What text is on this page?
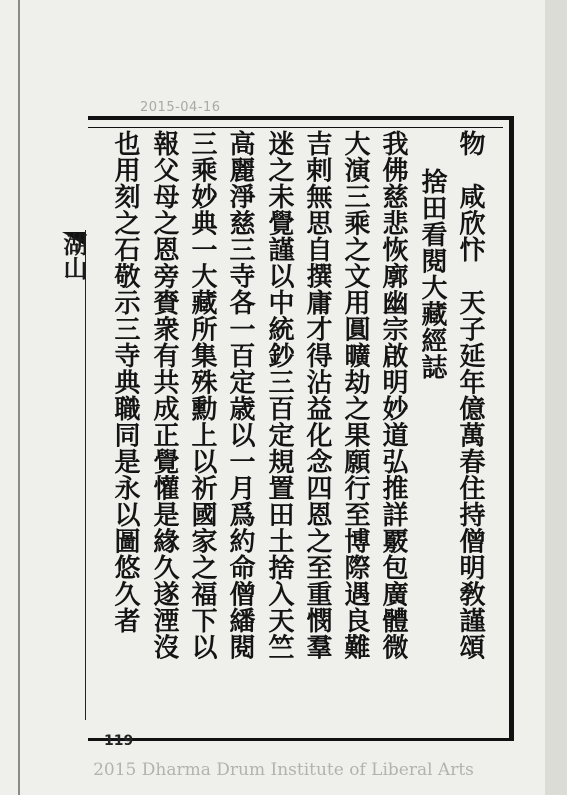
2015-04-16
物　咸欣忭　天子延年億萬春住持僧明敎謹頌
捨田看閱大藏經誌
我佛慈悲恢廓幽宗啟明妙道弘推詳覈包廣體微
大演三乘之文用圓曠劫之果願行至博際遇良難
吉剌無思自撰庸才得沾益化念四恩之至重憫羣
迷之未覺謹以中統鈔三百定規置田土捨入天竺
高麗淨慈三寺各一百定歳以一月爲約命僧繙閱
三乘妙典一大藏所集殊勳上以祈國家之福下以
報父母之恩旁賚衆有共成正覺懽是緣久遂湮沒
也用刻之石敬示三寺典職同是永以圖悠久者
湖山
119
2015 Dharma Drum Institute of Liberal Arts
